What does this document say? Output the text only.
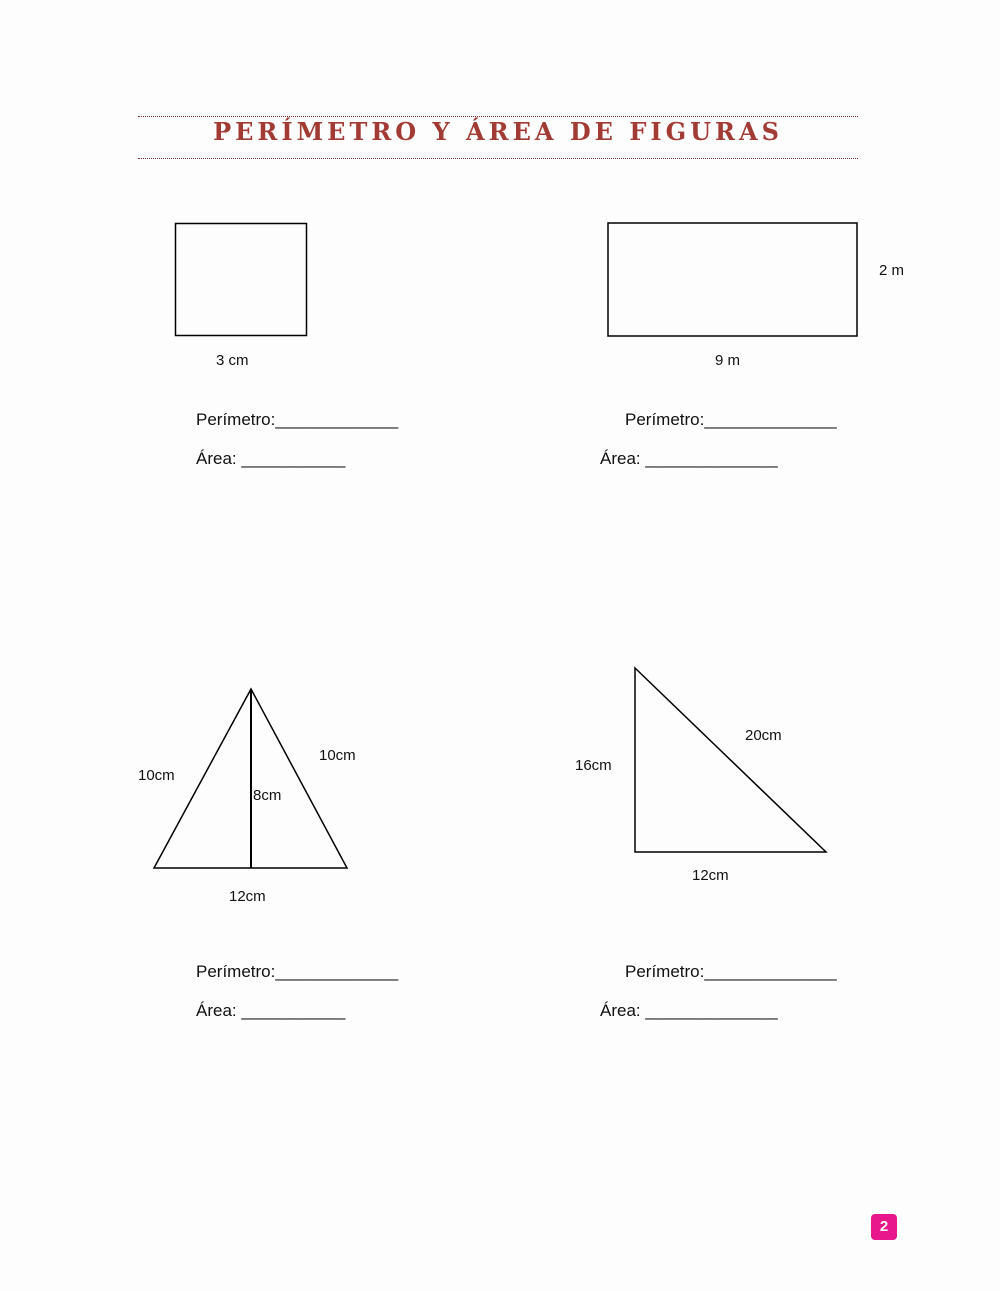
PERÍMETRO Y ÁREA DE FIGURAS
3 cm
Perímetro:_____________
Área: ___________
2 m
9 m
Perímetro:______________
Área: ______________
10cm
10cm
8cm
12cm
Perímetro:_____________
Área: ___________
16cm
20cm
12cm
Perímetro:______________
Área: ______________
2
